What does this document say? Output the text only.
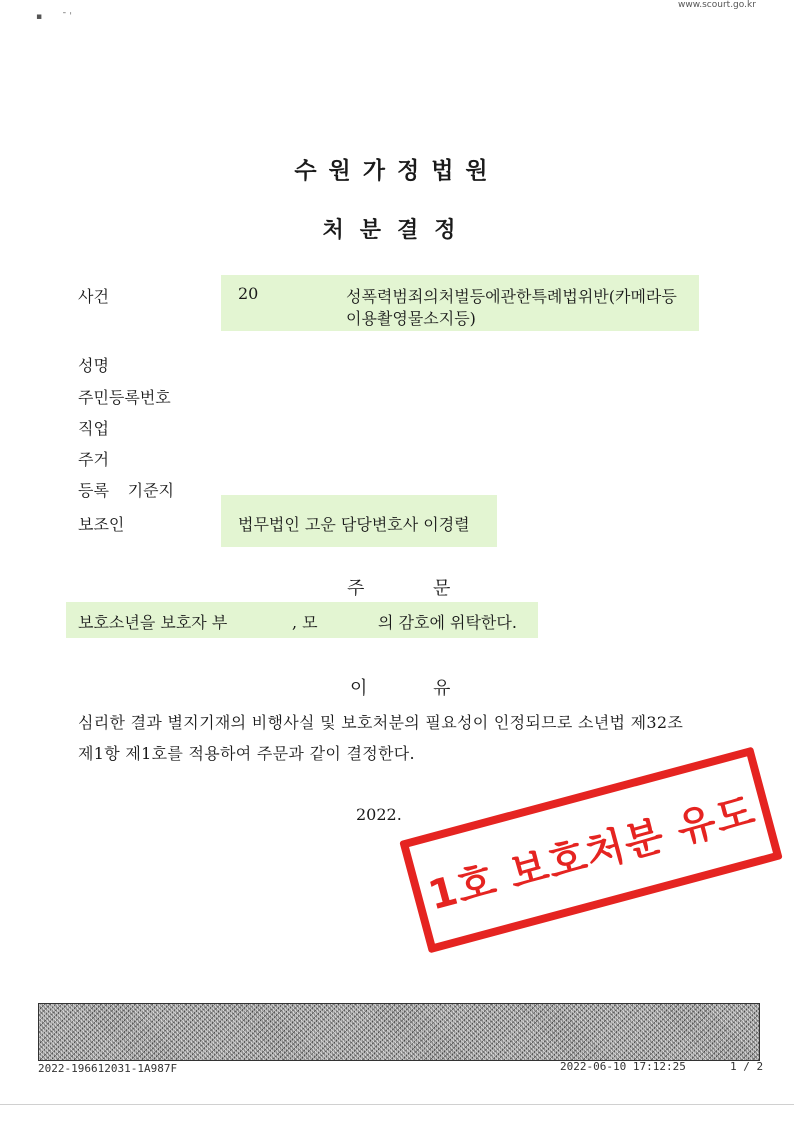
▪       ˉ ˈ
www.scourt.go.kr
수원가정법원
처분결정
사건	20	성폭력범죄의처벌등에관한특례법위반(카메라등
이용촬영물소지등)
성명
주민등록번호
직업
주거
등록 기준지
보조인	법무법인 고운 담당변호사 이경렬
주	문
보호소년을 보호자 부	, 모	의 감호에 위탁한다.
이	유
심리한 결과 별지기재의 비행사실 및 보호처분의 필요성이 인정되므로 소년법 제32조
제1항 제1호를 적용하여 주문과 같이 결정한다.
2022. 1호 보호처분 유도
2022-196612031-1A987F	2022-06-10 17:12:25	1 / 2
